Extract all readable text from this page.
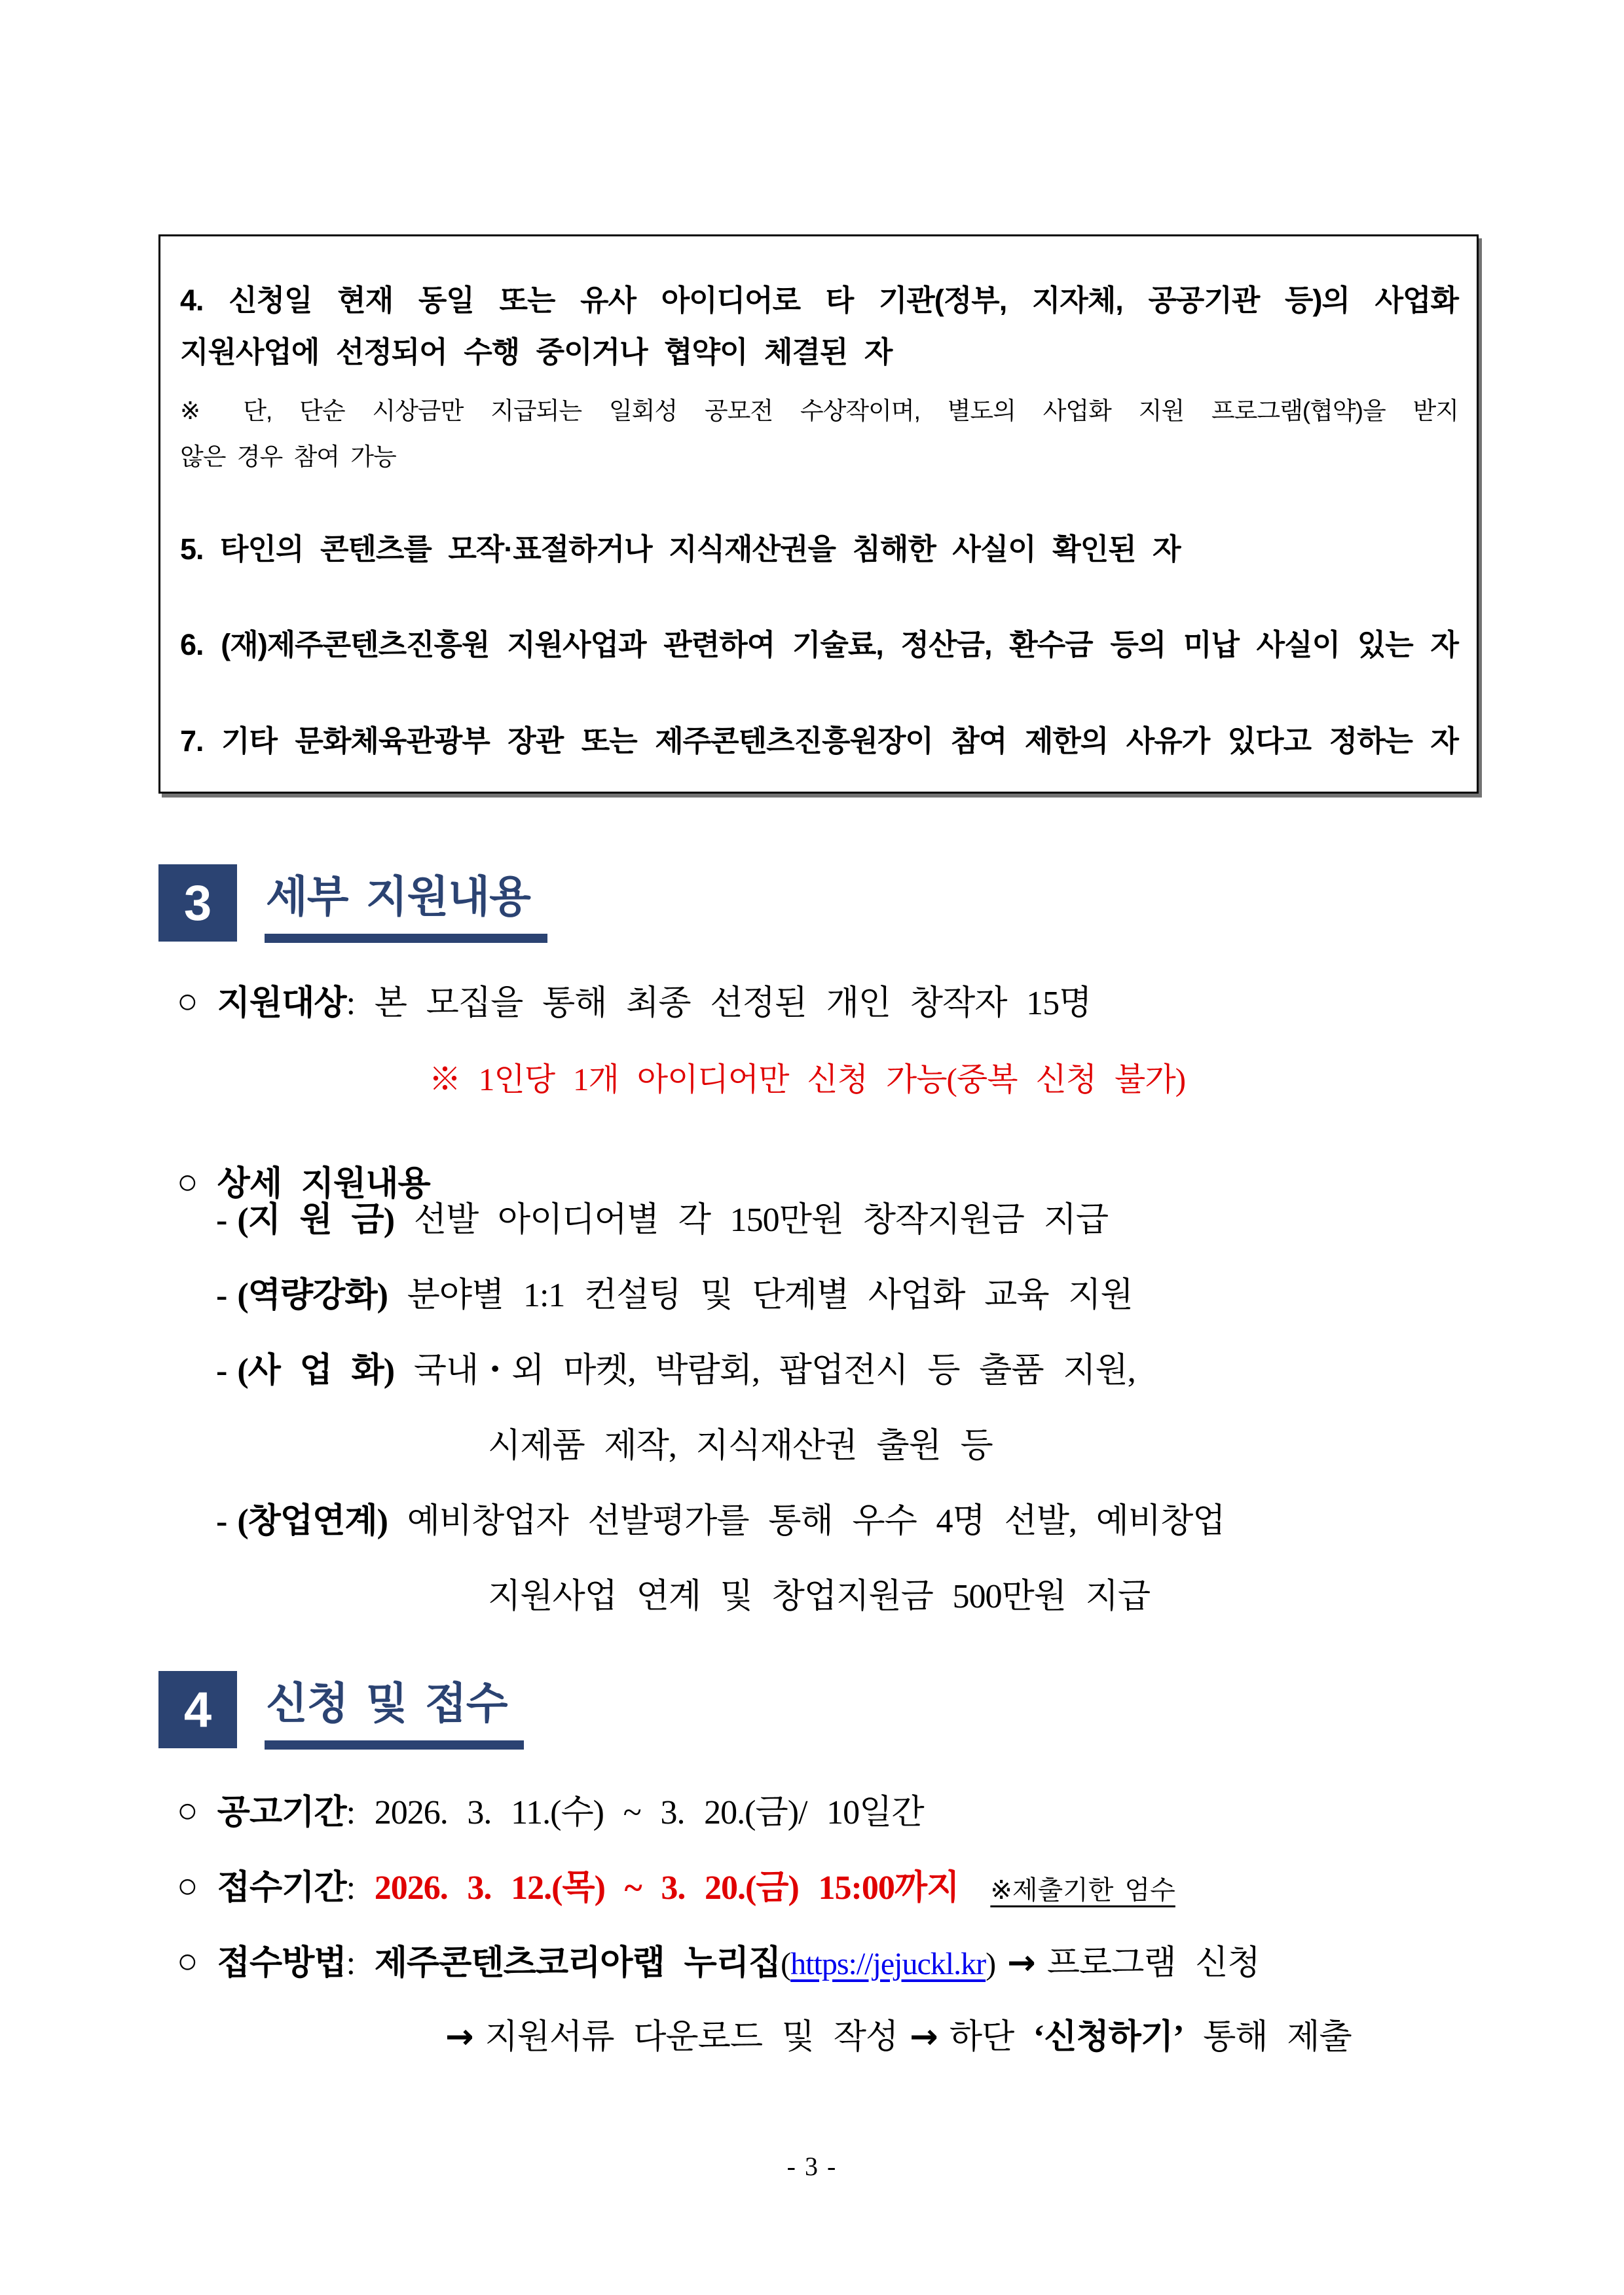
4. 신청일 현재 동일 또는 유사 아이디어로 타 기관(정부, 지자체, 공공기관 등)의 사업화

지원사업에 선정되어 수행 중이거나 협약이 체결된 자

※ 단, 단순 시상금만 지급되는 일회성 공모전 수상작이며, 별도의 사업화 지원 프로그램(협약)을 받지

않은 경우 참여 가능

5. 타인의 콘텐츠를 모작·표절하거나 지식재산권을 침해한 사실이 확인된 자

6. (재)제주콘텐츠진흥원 지원사업과 관련하여 기술료, 정산금, 환수금 등의 미납 사실이 있는 자

7. 기타 문화체육관광부 장관 또는 제주콘텐츠진흥원장이 참여 제한의 사유가 있다고 정하는 자

3	세부 지원내용
○ 지원대상: 본 모집을 통해 최종 선정된 개인 창작자 15명
※ 1인당 1개 아이디어만 신청 가능(중복 신청 불가)
○ 상세 지원내용
- (지 원 금) 선발 아이디어별 각 150만원 창작지원금 지급
- (역량강화) 분야별 1:1 컨설팅 및 단계별 사업화 교육 지원
- (사 업 화) 국내・외 마켓, 박람회, 팝업전시 등 출품 지원,
시제품 제작, 지식재산권 출원 등
- (창업연계) 예비창업자 선발평가를 통해 우수 4명 선발, 예비창업
지원사업 연계 및 창업지원금 500만원 지급
4	신청 및 접수
○ 공고기간: 2026. 3. 11.(수) ~ 3. 20.(금)/ 10일간
○ 접수기간: 2026. 3. 12.(목) ~ 3. 20.(금) 15:00까지 ※제출기한 엄수
○ 접수방법: 제주콘텐츠코리아랩 누리집(https://jejuckl.kr) → 프로그램 신청
→ 지원서류 다운로드 및 작성 → 하단 ‘신청하기’ 통해 제출
- 3 -
